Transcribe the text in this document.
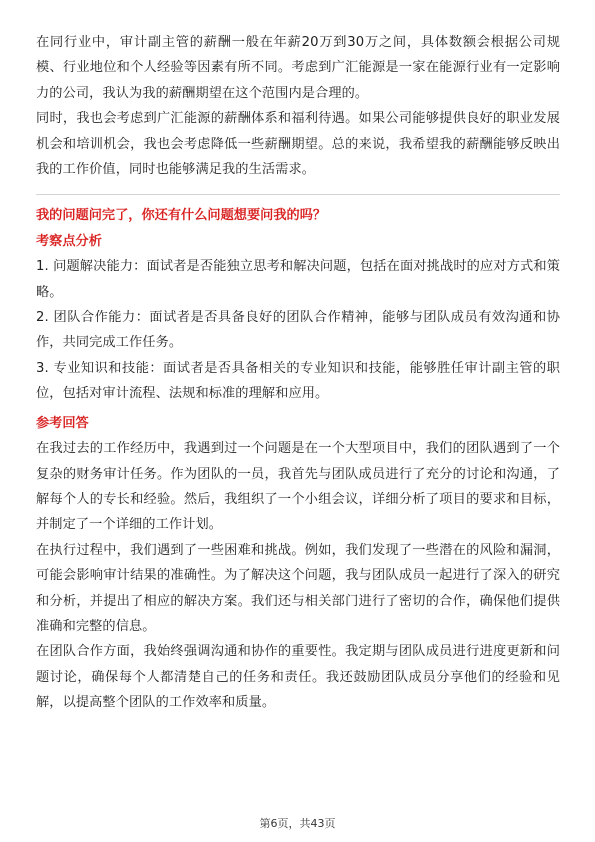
在同行业中，审计副主管的薪酬一般在年薪20万到30万之间，具体数额会根据公司规模、行业地位和个人经验等因素有所不同。考虑到广汇能源是一家在能源行业有一定影响力的公司，我认为我的薪酬期望在这个范围内是合理的。

同时，我也会考虑到广汇能源的薪酬体系和福利待遇。如果公司能够提供良好的职业发展机会和培训机会，我也会考虑降低一些薪酬期望。总的来说，我希望我的薪酬能够反映出我的工作价值，同时也能够满足我的生活需求。

我的问题问完了，你还有什么问题想要问我的吗？

考察点分析

1. 问题解决能力：面试者是否能独立思考和解决问题，包括在面对挑战时的应对方式和策略。

2. 团队合作能力：面试者是否具备良好的团队合作精神，能够与团队成员有效沟通和协作，共同完成工作任务。

3. 专业知识和技能：面试者是否具备相关的专业知识和技能，能够胜任审计副主管的职位，包括对审计流程、法规和标准的理解和应用。

参考回答

在我过去的工作经历中，我遇到过一个问题是在一个大型项目中，我们的团队遇到了一个复杂的财务审计任务。作为团队的一员，我首先与团队成员进行了充分的讨论和沟通，了解每个人的专长和经验。然后，我组织了一个小组会议，详细分析了项目的要求和目标，并制定了一个详细的工作计划。

在执行过程中，我们遇到了一些困难和挑战。例如，我们发现了一些潜在的风险和漏洞，可能会影响审计结果的准确性。为了解决这个问题，我与团队成员一起进行了深入的研究和分析，并提出了相应的解决方案。我们还与相关部门进行了密切的合作，确保他们提供准确和完整的信息。

在团队合作方面，我始终强调沟通和协作的重要性。我定期与团队成员进行进度更新和问题讨论，确保每个人都清楚自己的任务和责任。我还鼓励团队成员分享他们的经验和见解，以提高整个团队的工作效率和质量。

第6页，共43页
